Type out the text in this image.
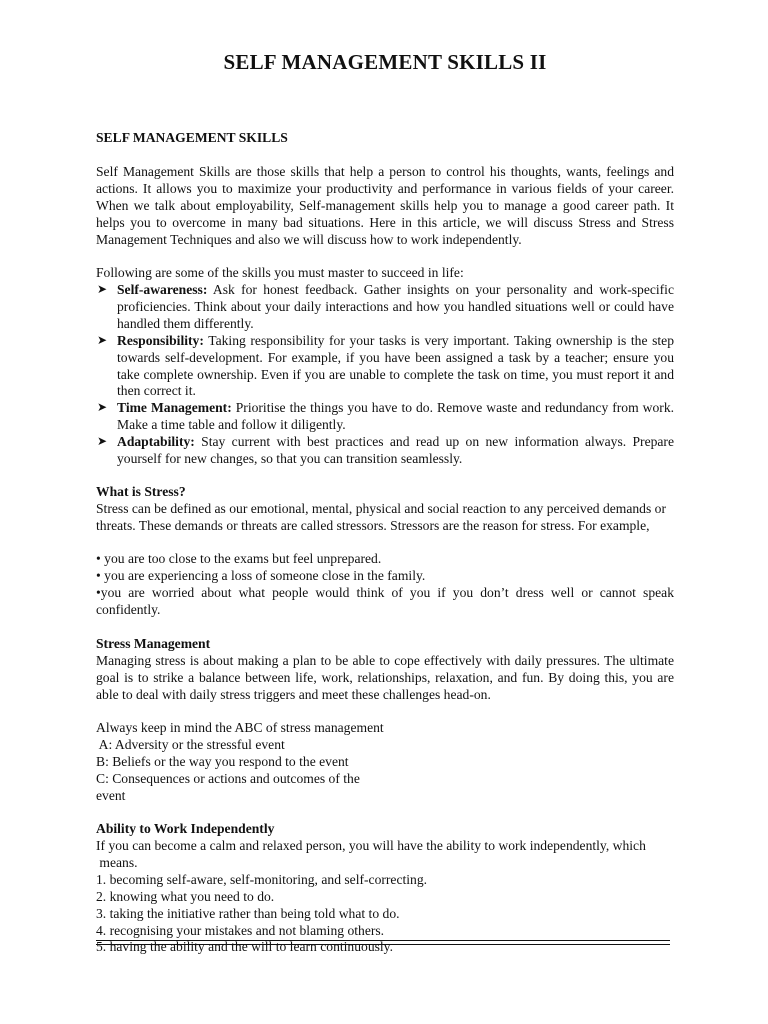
SELF MANAGEMENT SKILLS II
SELF MANAGEMENT SKILLS

Self Management Skills are those skills that help a person to control his thoughts, wants, feelings and actions. It allows you to maximize your productivity and performance in various fields of your career. When we talk about employability, Self-management skills help you to manage a good career path. It helps you to overcome in many bad situations. Here in this article, we will discuss Stress and Stress Management Techniques and also we will discuss how to work independently.

Following are some of the skills you must master to succeed in life:

➤ Self-awareness: Ask for honest feedback. Gather insights on your personality and work-specific proficiencies. Think about your daily interactions and how you handled situations well or could have handled them differently.
➤ Responsibility: Taking responsibility for your tasks is very important. Taking ownership is the step towards self-development. For example, if you have been assigned a task by a teacher; ensure you take complete ownership. Even if you are unable to complete the task on time, you must report it and then correct it.
➤ Time Management: Prioritise the things you have to do. Remove waste and redundancy from work. Make a time table and follow it diligently.
➤ Adaptability: Stay current with best practices and read up on new information always. Prepare yourself for new changes, so that you can transition seamlessly.
What is Stress?

Stress can be defined as our emotional, mental, physical and social reaction to any perceived demands or threats. These demands or threats are called stressors. Stressors are the reason for stress. For example,

• you are too close to the exams but feel unprepared.
• you are experiencing a loss of someone close in the family.
•you are worried about what people would think of you if you don’t dress well or cannot speak confidently.
Stress Management

Managing stress is about making a plan to be able to cope effectively with daily pressures. The ultimate goal is to strike a balance between life, work, relationships, relaxation, and fun. By doing this, you are able to deal with daily stress triggers and meet these challenges head-on.

Always keep in mind the ABC of stress management
A: Adversity or the stressful event
B: Beliefs or the way you respond to the event
C: Consequences or actions and outcomes of the
event
Ability to Work Independently
If you can become a calm and relaxed person, you will have the ability to work independently, which
means.
1. becoming self-aware, self-monitoring, and self-correcting.
2. knowing what you need to do.
3. taking the initiative rather than being told what to do.
4. recognising your mistakes and not blaming others.
5. having the ability and the will to learn continuously.
